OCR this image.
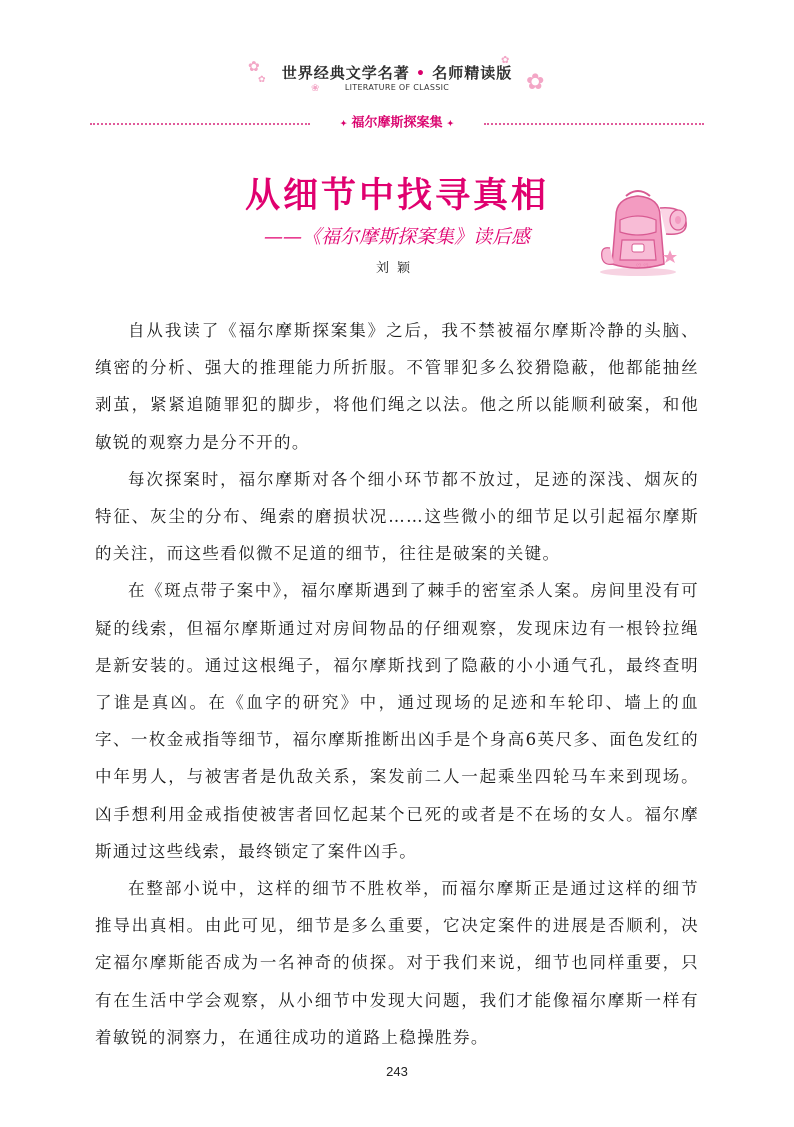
世界经典文学名著 • 名师精读版
LITERATURE OF CLASSIC
✿
✿
❀
✿
✿
✦ 福尔摩斯探案集 ✦
从细节中找寻真相
——《福尔摩斯探案集》读后感
刘颖	♡ ♡

自从我读了《福尔摩斯探案集》之后，我不禁被福尔摩斯冷静的头脑、缜密的分析、强大的推理能力所折服。不管罪犯多么狡猾隐蔽，他都能抽丝剥茧，紧紧追随罪犯的脚步，将他们绳之以法。他之所以能顺利破案，和他敏锐的观察力是分不开的。

每次探案时，福尔摩斯对各个细小环节都不放过，足迹的深浅、烟灰的特征、灰尘的分布、绳索的磨损状况……这些微小的细节足以引起福尔摩斯的关注，而这些看似微不足道的细节，往往是破案的关键。

在《斑点带子案中》，福尔摩斯遇到了棘手的密室杀人案。房间里没有可疑的线索，但福尔摩斯通过对房间物品的仔细观察，发现床边有一根铃拉绳是新安装的。通过这根绳子，福尔摩斯找到了隐蔽的小小通气孔，最终查明了谁是真凶。在《血字的研究》中，通过现场的足迹和车轮印、墙上的血字、一枚金戒指等细节，福尔摩斯推断出凶手是个身高6英尺多、面色发红的中年男人，与被害者是仇敌关系，案发前二人一起乘坐四轮马车来到现场。凶手想利用金戒指使被害者回忆起某个已死的或者是不在场的女人。福尔摩斯通过这些线索，最终锁定了案件凶手。

在整部小说中，这样的细节不胜枚举，而福尔摩斯正是通过这样的细节推导出真相。由此可见，细节是多么重要，它决定案件的进展是否顺利，决定福尔摩斯能否成为一名神奇的侦探。对于我们来说，细节也同样重要，只有在生活中学会观察，从小细节中发现大问题，我们才能像福尔摩斯一样有着敏锐的洞察力，在通往成功的道路上稳操胜券。

243
